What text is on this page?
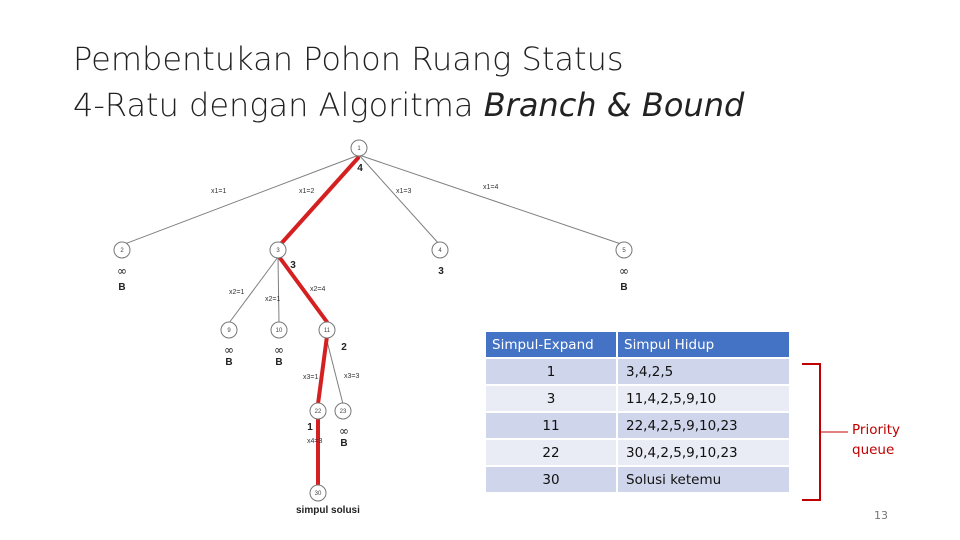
Pembentukan Pohon Ruang Status
4-Ratu dengan Algoritma Branch & Bound
1
2	3	4	5
9	10	11
22	23
30
4
∞
B
3
3	∞
B
∞
B
∞
B
2
1 ∞
B
x1=1	x1=2	x1=3
x1=4
x2=1
x2=1
x2=4
x3=1	x3=3
x4=3
simpul solusi
Simpul-Expand	Simpul Hidup
1	3,4,2,5
3	11,4,2,5,9,10
11	22,4,2,5,9,10,23
22	30,4,2,5,9,10,23
30	Solusi ketemu
Priority queue
13
